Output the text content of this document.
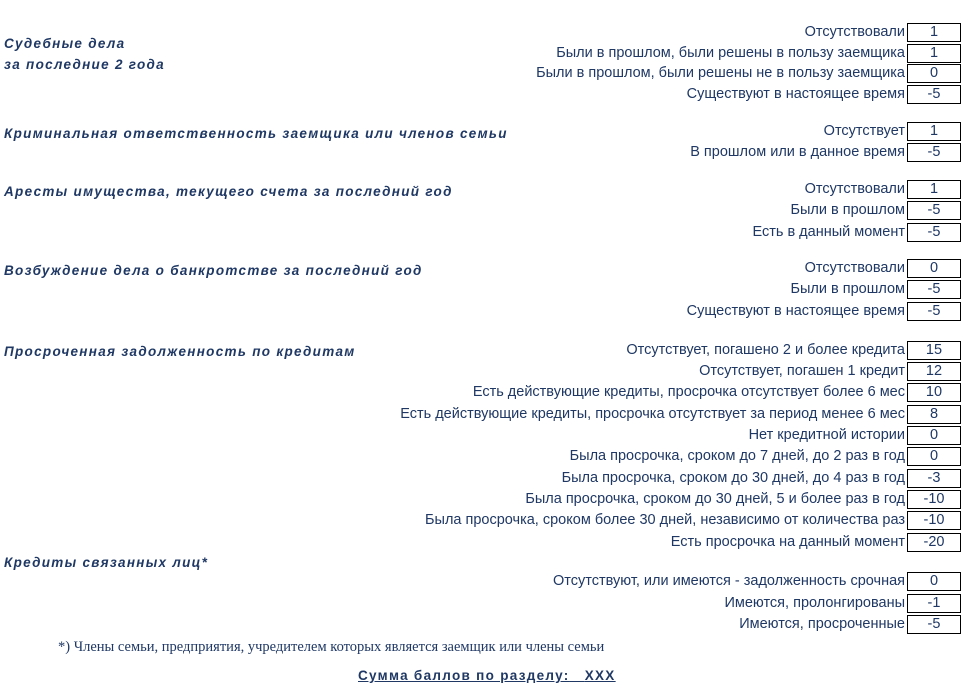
Судебные дела
за последние 2 года
Отсутствовали	1
Были в прошлом, были решены в пользу заемщика	1
Были в прошлом, были решены не в пользу заемщика	0
Существуют в настоящее время	-5
Криминальная ответственность заемщика или членов семьи	Отсутствует	1
В прошлом или в данное время	-5
Аресты имущества, текущего счета за последний год	Отсутствовали	1
Были в прошлом	-5
Есть в данный момент	-5
Возбуждение дела о банкротстве за последний год	Отсутствовали	0
Были в прошлом	-5
Существуют в настоящее время	-5
Просроченная задолженность по кредитам	Отсутствует, погашено 2 и более кредита	15
Отсутствует, погашен 1 кредит	12
Есть действующие кредиты, просрочка отсутствует более 6 мес	10
Есть действующие кредиты, просрочка отсутствует за период менее 6 мес	8
Нет кредитной истории	0
Была просрочка, сроком до 7 дней, до 2 раз в год	0
Была просрочка, сроком до 30 дней, до 4 раз в год	-3
Была просрочка, сроком до 30 дней, 5 и более раз в год	-10
Была просрочка, сроком более 30 дней, независимо от количества раз	-10
Есть просрочка на данный момент	-20
Кредиты связанных лиц*
Отсутствуют, или имеются - задолженность срочная	0
Имеются, пролонгированы	-1
Имеются, просроченные	-5
*) Члены семьи, предприятия, учредителем которых является заемщик или члены семьи
Сумма баллов по разделу: XXX
